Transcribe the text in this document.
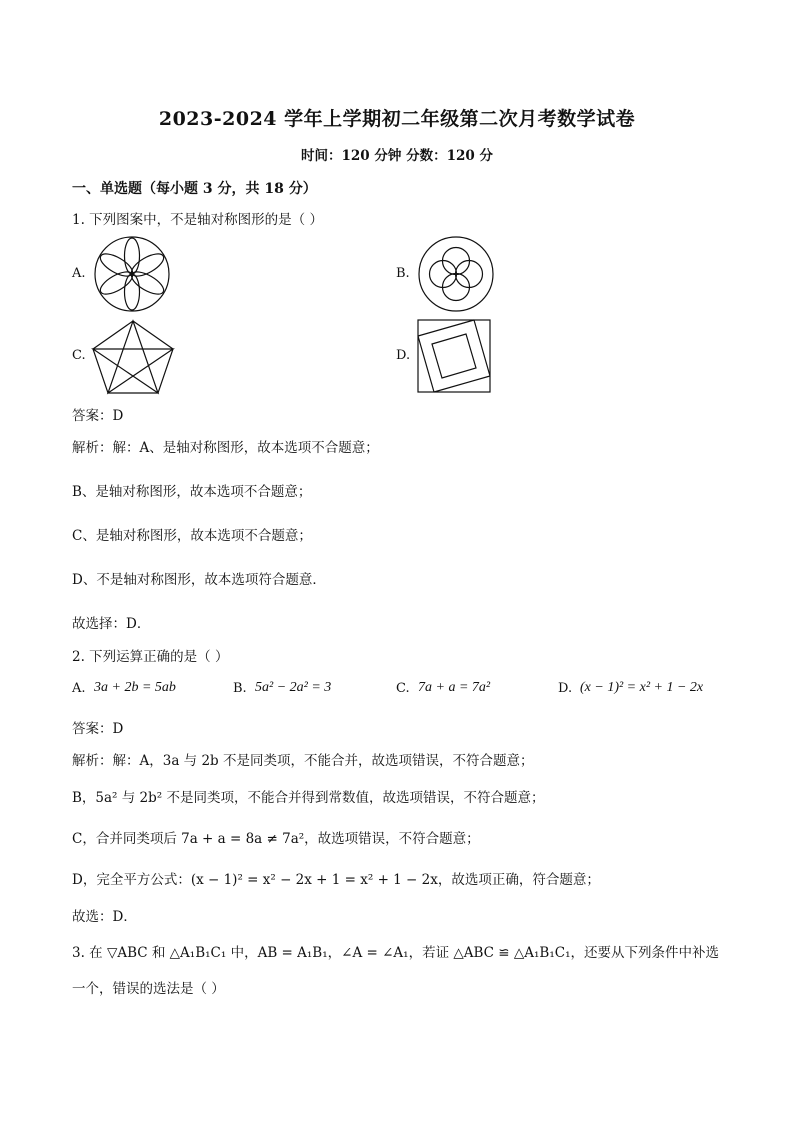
2023-2024 学年上学期初二年级第二次月考数学试卷
时间：120 分钟 分数：120 分
一、单选题（每小题 3 分，共 18 分）
1. 下列图案中，不是轴对称图形的是（ ）
A.	B.
C.	D.
答案：D
解析：解：A、是轴对称图形，故本选项不合题意；
B、是轴对称图形，故本选项不合题意；
C、是轴对称图形，故本选项不合题意；
D、不是轴对称图形，故本选项符合题意．
故选择：D．
2. 下列运算正确的是（ ）
A. 3a + 2b = 5ab	B. 5a² − 2a² = 3	C. 7a + a = 7a²	D. (x − 1)² = x² + 1 − 2x
答案：D
解析：解：A，3a 与 2b 不是同类项，不能合并，故选项错误，不符合题意；
B，5a² 与 2b² 不是同类项，不能合并得到常数值，故选项错误，不符合题意；
C，合并同类项后 7a + a = 8a ≠ 7a²，故选项错误，不符合题意；
D，完全平方公式：(x − 1)² = x² − 2x + 1 = x² + 1 − 2x，故选项正确，符合题意；
故选：D．
3. 在 ▽ABC 和 △A₁B₁C₁ 中，AB = A₁B₁，∠A = ∠A₁，若证 △ABC ≌ △A₁B₁C₁，还要从下列条件中补选
一个，错误的选法是（ ）
